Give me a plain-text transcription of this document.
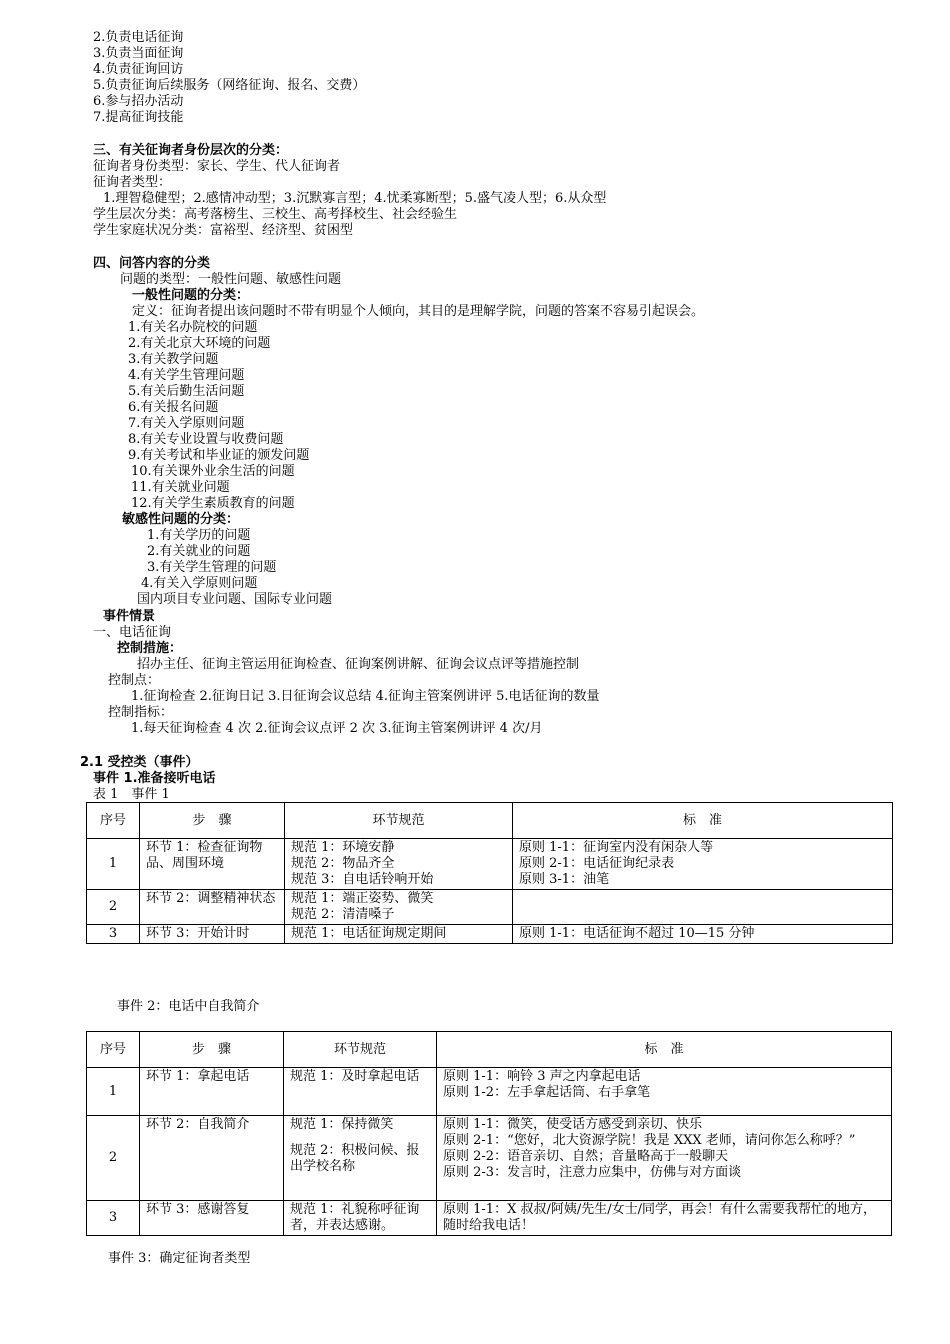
2.负责电话征询
3.负责当面征询
4.负责征询回访
5.负责征询后续服务（网络征询、报名、交费）
6.参与招办活动
7.提高征询技能
三、有关征询者身份层次的分类：
征询者身份类型：家长、学生、代人征询者
征询者类型：
1.理智稳健型；2.感情冲动型；3.沉默寡言型；4.忧柔寡断型；5.盛气凌人型；6.从众型
学生层次分类：高考落榜生、三校生、高考择校生、社会经验生
学生家庭状况分类：富裕型、经济型、贫困型
四、问答内容的分类
问题的类型：一般性问题、敏感性问题
一般性问题的分类：
定义：征询者提出该问题时不带有明显个人倾向，其目的是理解学院，问题的答案不容易引起误会。
1.有关名办院校的问题
2.有关北京大环境的问题
3.有关教学问题
4.有关学生管理问题
5.有关后勤生活问题
6.有关报名问题
7.有关入学原则问题
8.有关专业设置与收费问题
9.有关考试和毕业证的颁发问题
10.有关课外业余生活的问题
11.有关就业问题
12.有关学生素质教育的问题
敏感性问题的分类：
1.有关学历的问题
2.有关就业的问题
3.有关学生管理的问题
4.有关入学原则问题
国内项目专业问题、国际专业问题
事件情景
一、电话征询
控制措施：
招办主任、征询主管运用征询检查、征询案例讲解、征询会议点评等措施控制
控制点：
1.征询检查 2.征询日记 3.日征询会议总结 4.征询主管案例讲评 5.电话征询的数量
控制指标：
1.每天征询检查 4 次 2.征询会议点评 2 次 3.征询主管案例讲评 4 次/月
2.1 受控类（事件）
事件 1.准备接听电话
表 1　事件 1
序号	步　骤	环节规范	标　准
1	环节 1：检查征询物品、周围环境	规范 1：环境安静
规范 2：物品齐全
规范 3：自电话铃响开始	原则 1-1：征询室内没有闲杂人等
原则 2-1：电话征询纪录表
原则 3-1：油笔

2	环节 2：调整精神状态	规范 1：端正姿势、微笑
规范 2：清清嗓子	

3	环节 3：开始计时	规范 1：电话征询规定期间	原则 1-1：电话征询不超过 10—15 分钟
事件 2：电话中自我简介
序号	步　骤	环节规范	标　准
1	环节 1：拿起电话	规范 1：及时拿起电话	原则 1-1：响铃 3 声之内拿起电话
原则 1-2：左手拿起话筒、右手拿笔

2	环节 2：自我简介	规范 1：保持微笑
规范 2：积极问候、报出学校名称	原则 1-1：微笑，使受话方感受到亲切、快乐
原则 2-1：“您好，北大资源学院！我是 XXX 老师，请问你怎么称呼？”
原则 2-2：语音亲切、自然；音量略高于一般聊天
原则 2-3：发言时，注意力应集中，仿佛与对方面谈

3	环节 3：感谢答复	规范 1：礼貌称呼征询者，并表达感谢。	原则 1-1：X 叔叔/阿姨/先生/女士/同学，再会！有什么需要我帮忙的地方，随时给我电话！
事件 3：确定征询者类型
